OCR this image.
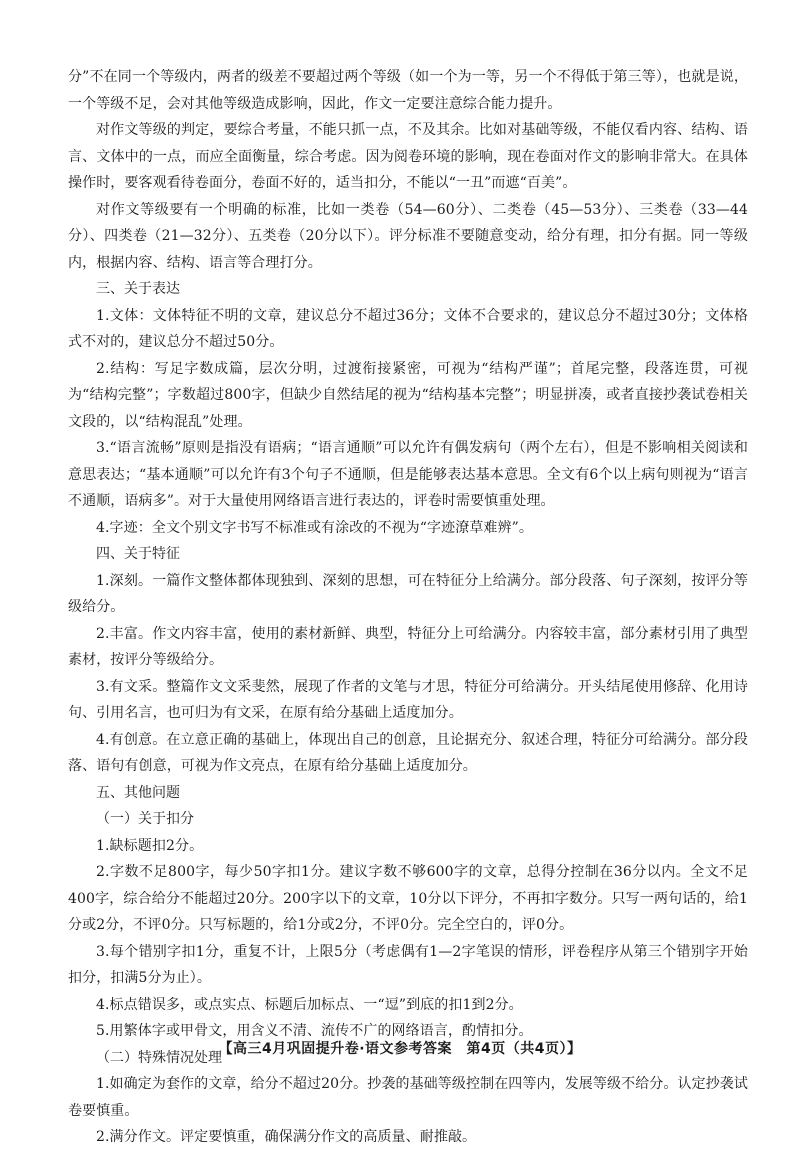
分”不在同一个等级内，两者的级差不要超过两个等级（如一个为一等，另一个不得低于第三等），也就是说，一个等级不足，会对其他等级造成影响，因此，作文一定要注意综合能力提升。

对作文等级的判定，要综合考量，不能只抓一点，不及其余。比如对基础等级，不能仅看内容、结构、语言、文体中的一点，而应全面衡量，综合考虑。因为阅卷环境的影响，现在卷面对作文的影响非常大。在具体操作时，要客观看待卷面分，卷面不好的，适当扣分，不能以“一丑”而遮“百美”。

对作文等级要有一个明确的标准，比如一类卷（54—60分）、二类卷（45—53分）、三类卷（33—44分）、四类卷（21—32分）、五类卷（20分以下）。评分标准不要随意变动，给分有理，扣分有据。同一等级内，根据内容、结构、语言等合理打分。

三、关于表达

1.文体：文体特征不明的文章，建议总分不超过36分；文体不合要求的，建议总分不超过30分；文体格式不对的，建议总分不超过50分。

2.结构：写足字数成篇，层次分明，过渡衔接紧密，可视为“结构严谨”；首尾完整，段落连贯，可视为“结构完整”；字数超过800字，但缺少自然结尾的视为“结构基本完整”；明显拼凑，或者直接抄袭试卷相关文段的，以“结构混乱”处理。

3.“语言流畅”原则是指没有语病；“语言通顺”可以允许有偶发病句（两个左右），但是不影响相关阅读和意思表达；“基本通顺”可以允许有3个句子不通顺，但是能够表达基本意思。全文有6个以上病句则视为“语言不通顺，语病多”。对于大量使用网络语言进行表达的，评卷时需要慎重处理。

4.字迹：全文个别文字书写不标准或有涂改的不视为“字迹潦草难辨”。

四、关于特征

1.深刻。一篇作文整体都体现独到、深刻的思想，可在特征分上给满分。部分段落、句子深刻，按评分等级给分。

2.丰富。作文内容丰富，使用的素材新鲜、典型，特征分上可给满分。内容较丰富，部分素材引用了典型素材，按评分等级给分。

3.有文采。整篇作文文采斐然，展现了作者的文笔与才思，特征分可给满分。开头结尾使用修辞、化用诗句、引用名言，也可归为有文采，在原有给分基础上适度加分。

4.有创意。在立意正确的基础上，体现出自己的创意，且论据充分、叙述合理，特征分可给满分。部分段落、语句有创意，可视为作文亮点，在原有给分基础上适度加分。

五、其他问题

（一）关于扣分

1.缺标题扣2分。

2.字数不足800字，每少50字扣1分。建议字数不够600字的文章，总得分控制在36分以内。全文不足400字，综合给分不能超过20分。200字以下的文章，10分以下评分，不再扣字数分。只写一两句话的，给1分或2分，不评0分。只写标题的，给1分或2分，不评0分。完全空白的，评0分。

3.每个错别字扣1分，重复不计，上限5分（考虑偶有1—2字笔误的情形，评卷程序从第三个错别字开始扣分，扣满5分为止）。

4.标点错误多，或点实点、标题后加标点、一“逗”到底的扣1到2分。

5.用繁体字或甲骨文，用含义不清、流传不广的网络语言，酌情扣分。

（二）特殊情况处理

1.如确定为套作的文章，给分不超过20分。抄袭的基础等级控制在四等内，发展等级不给分。认定抄袭试卷要慎重。

2.满分作文。评定要慎重，确保满分作文的高质量、耐推敲。

【高三4月巩固提升卷·语文参考答案　第4页（共4页）】
